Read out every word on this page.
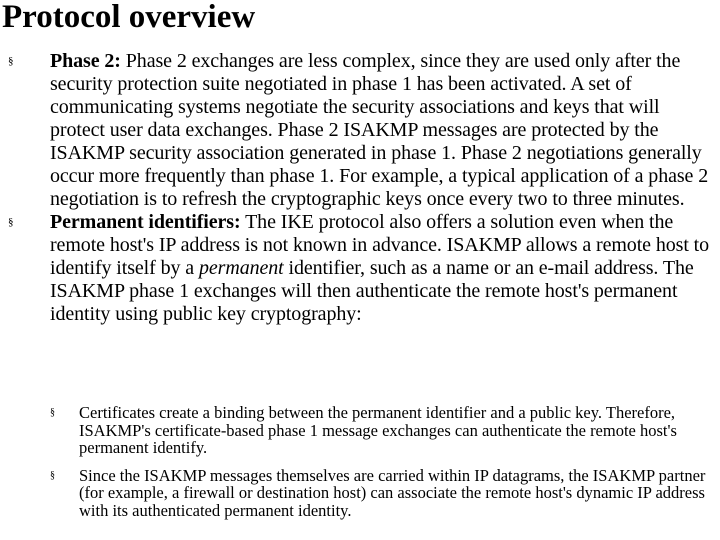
Protocol overview
§ Phase 2: Phase 2 exchanges are less complex, since they are used only after the security protection suite negotiated in phase 1 has been activated. A set of communicating systems negotiate the security associations and keys that will protect user data exchanges. Phase 2 ISAKMP messages are protected by the ISAKMP security association generated in phase 1. Phase 2 negotiations generally occur more frequently than phase 1. For example, a typical application of a phase 2 negotiation is to refresh the cryptographic keys once every two to three minutes.
§ Permanent identifiers: The IKE protocol also offers a solution even when the remote host's IP address is not known in advance. ISAKMP allows a remote host to identify itself by a permanent identifier, such as a name or an e-mail address. The ISAKMP phase 1 exchanges will then authenticate the remote host's permanent identity using public key cryptography:
§ Certificates create a binding between the permanent identifier and a public key. Therefore, ISAKMP's certificate-based phase 1 message exchanges can authenticate the remote host's permanent identify.
§ Since the ISAKMP messages themselves are carried within IP datagrams, the ISAKMP partner (for example, a firewall or destination host) can associate the remote host's dynamic IP address with its authenticated permanent identity.
